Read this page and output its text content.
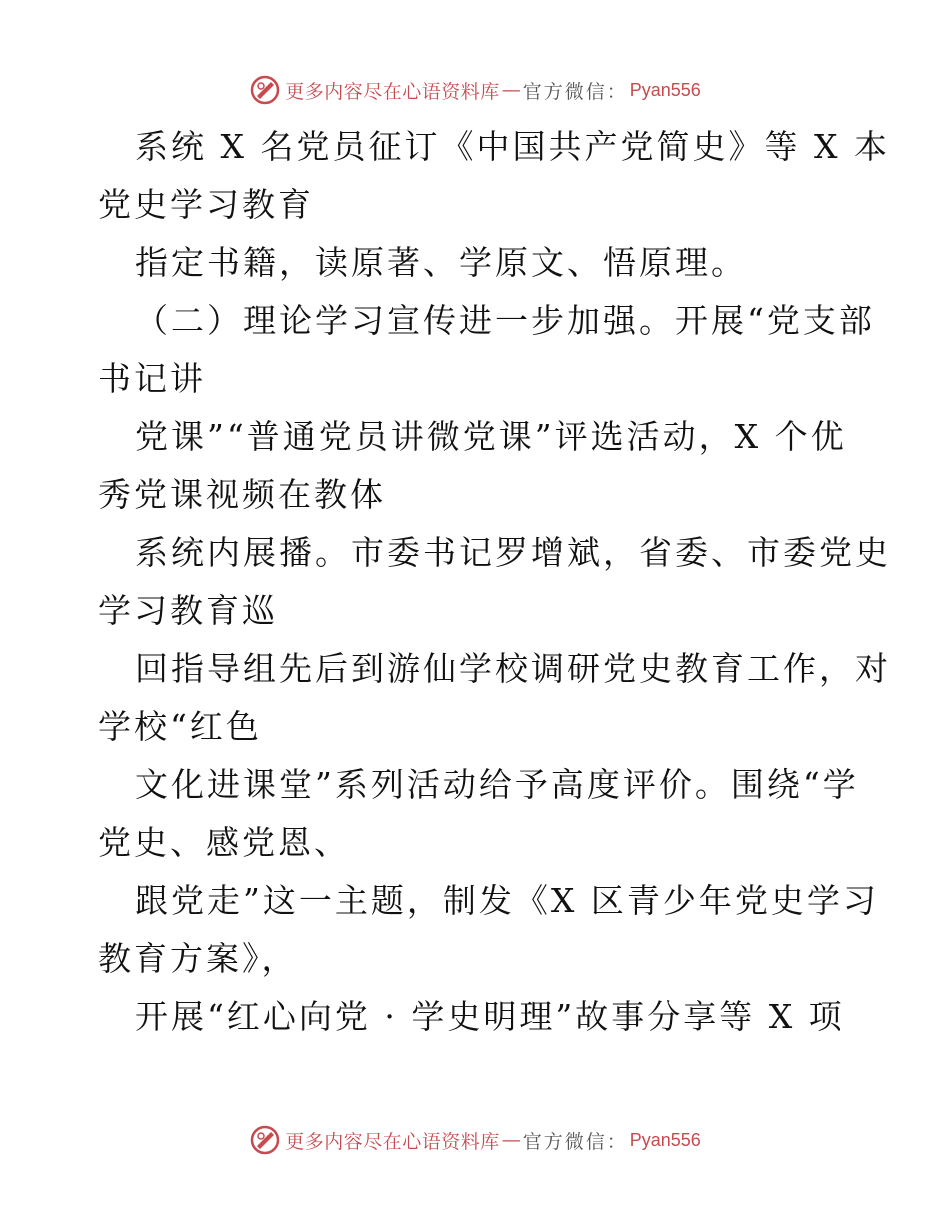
更多内容尽在心语资料库 — 官方微信： Pyan556
系统 X 名党员征订《中国共产党简史》等 X 本
党史学习教育
指定书籍，读原著、学原文、悟原理。
（二）理论学习宣传进一步加强。开展“党支部
书记讲
党课”“普通党员讲微党课”评选活动，X 个优
秀党课视频在教体
系统内展播。市委书记罗增斌，省委、市委党史
学习教育巡
回指导组先后到游仙学校调研党史教育工作，对
学校“红色
文化进课堂”系列活动给予高度评价。围绕“学
党史、感党恩、
跟党走”这一主题，制发《X 区青少年党史学习
教育方案》，
开展“红心向党 · 学史明理”故事分享等 X 项
更多内容尽在心语资料库 — 官方微信： Pyan556
